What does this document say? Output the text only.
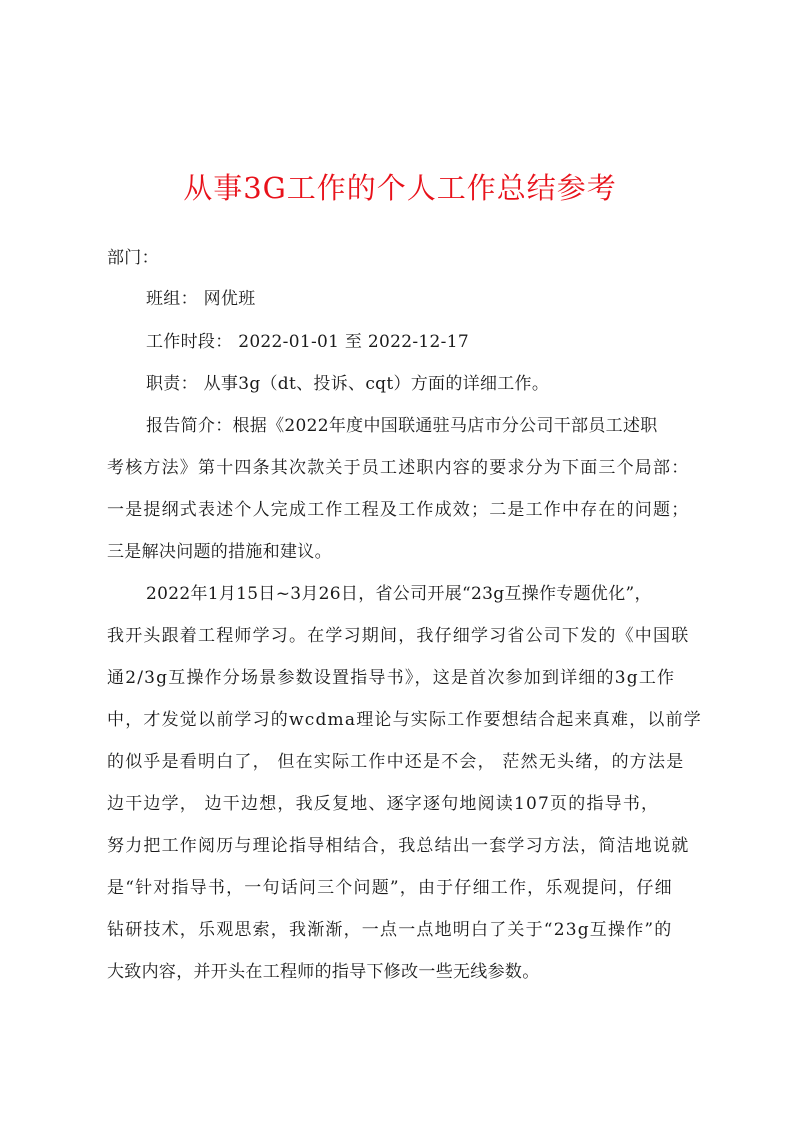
从事3G工作的个人工作总结参考
部门：
班组： 网优班
工作时段： 2022-01-01 至 2022-12-17
职责： 从事3g（dt、投诉、cqt）方面的详细工作。
报告简介：根据《2022年度中国联通驻马店市分公司干部员工述职
考核方法》第十四条其次款关于员工述职内容的要求分为下面三个局部：
一是提纲式表述个人完成工作工程及工作成效；二是工作中存在的问题；
三是解决问题的措施和建议。
2022年1月15日~3月26日，省公司开展“23g互操作专题优化”，
我开头跟着工程师学习。在学习期间，我仔细学习省公司下发的《中国联
通2/3g互操作分场景参数设置指导书》，这是首次参加到详细的3g工作
中，才发觉以前学习的wcdma理论与实际工作要想结合起来真难，以前学
的似乎是看明白了， 但在实际工作中还是不会， 茫然无头绪，的方法是
边干边学， 边干边想，我反复地、逐字逐句地阅读107页的指导书，
努力把工作阅历与理论指导相结合，我总结出一套学习方法，简洁地说就
是“针对指导书，一句话问三个问题”，由于仔细工作，乐观提问，仔细
钻研技术，乐观思索，我渐渐，一点一点地明白了关于“23g互操作”的
大致内容，并开头在工程师的指导下修改一些无线参数。
